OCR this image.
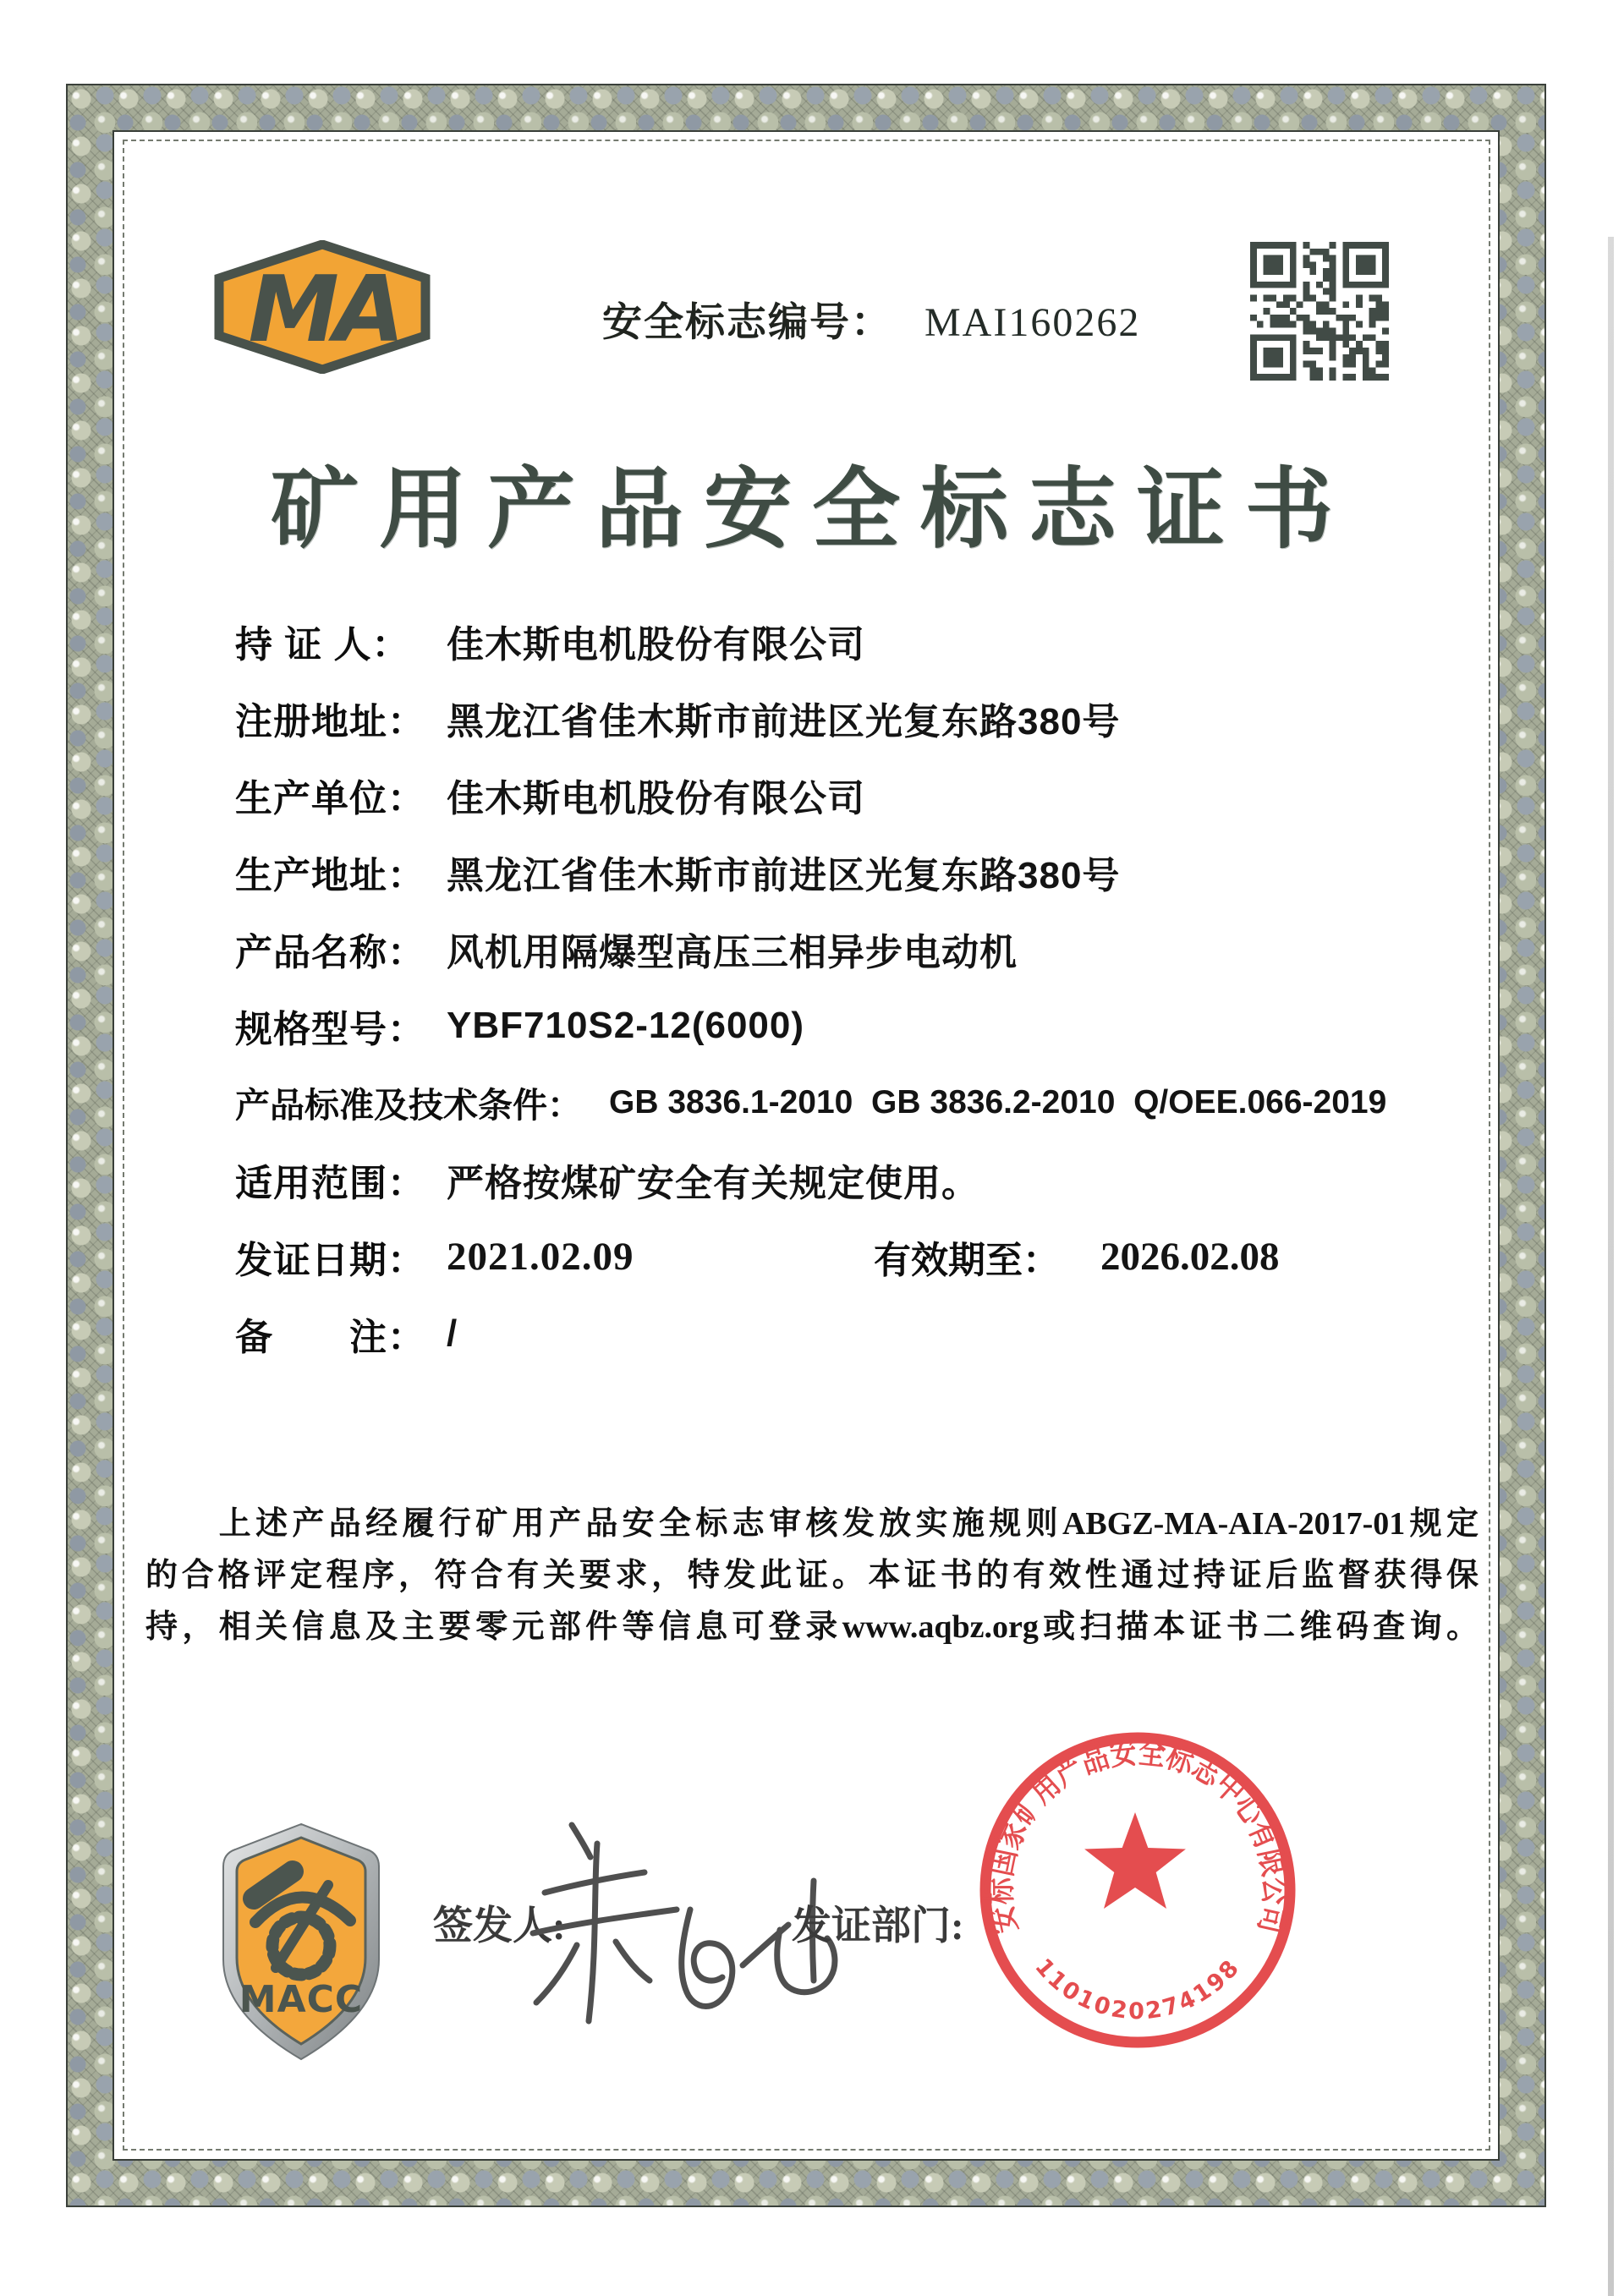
MA	安全标志编号： MAI160262
矿用产品安全标志证书
持 证 人： 佳木斯电机股份有限公司
注册地址： 黑龙江省佳木斯市前进区光复东路380号
生产单位： 佳木斯电机股份有限公司
生产地址： 黑龙江省佳木斯市前进区光复东路380号
产品名称： 风机用隔爆型高压三相异步电动机
规格型号： YBF710S2-12(6000)
产品标准及技术条件： GB 3836.1-2010  GB 3836.2-2010  Q/OEE.066-2019
适用范围： 严格按煤矿安全有关规定使用。
发证日期： 2021.02.09	有效期至：	2026.02.08
备　　注： /
　　上述产品经履行矿用产品安全标志审核发放实施规则ABGZ-MA-AIA-2017-01规定
的合格评定程序，符合有关要求，特发此证。本证书的有效性通过持证后监督获得保
持，相关信息及主要零元部件等信息可登录www.aqbz.org或扫描本证书二维码查询。
MACC
签发人:	发证部门: 安标国家矿用产品安全标志中心有限公司
1101020274198
